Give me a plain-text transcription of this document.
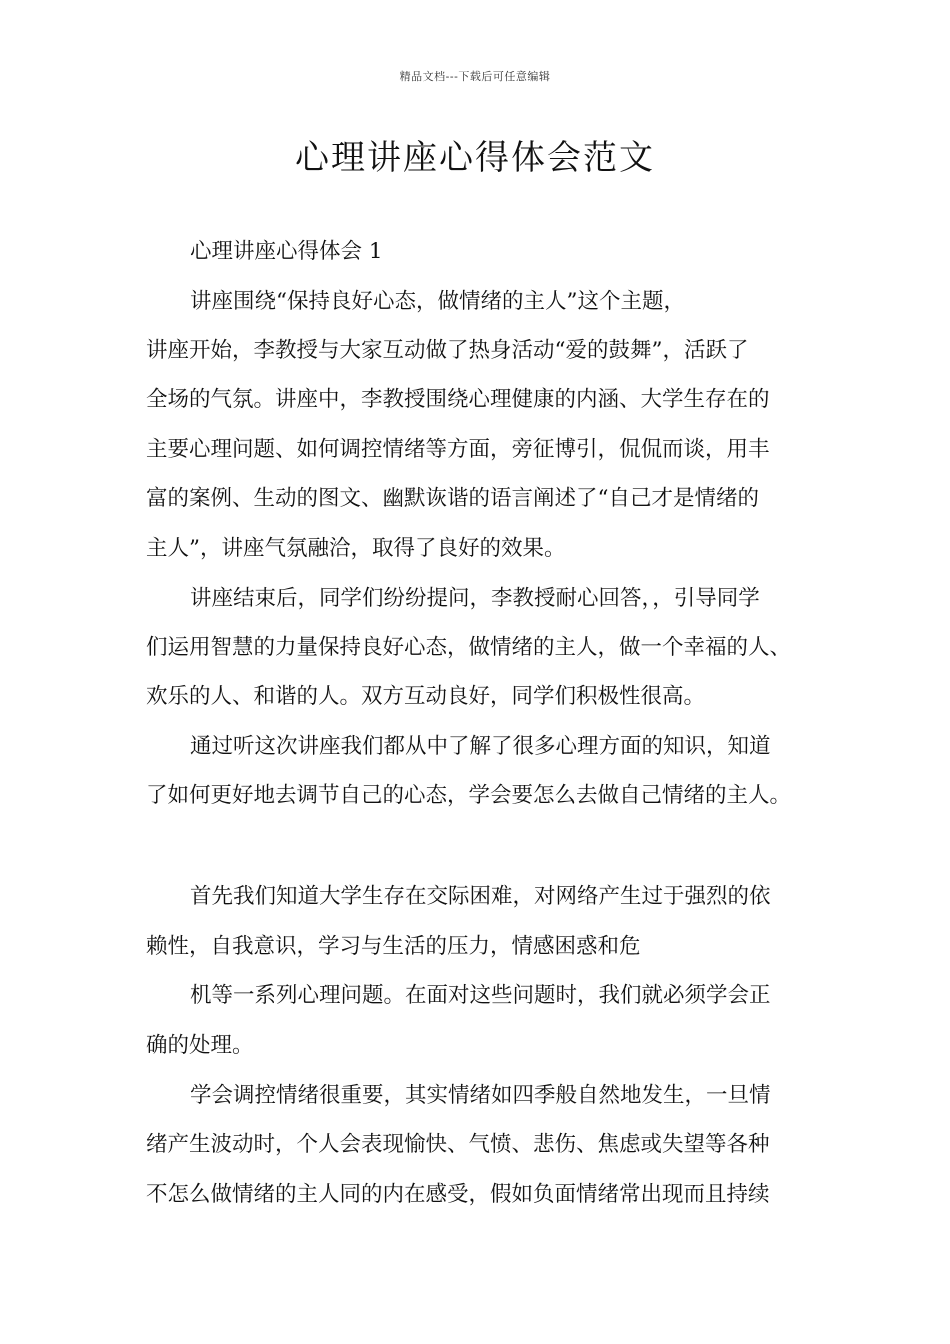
精品文档---下载后可任意编辑
心理讲座心得体会范文
心理讲座心得体会 1
讲座围绕“保持良好心态，做情绪的主人”这个主题，
讲座开始，李教授与大家互动做了热身活动“爱的鼓舞”，活跃了
全场的气氛。讲座中，李教授围绕心理健康的内涵、大学生存在的
主要心理问题、如何调控情绪等方面，旁征博引，侃侃而谈，用丰
富的案例、生动的图文、幽默诙谐的语言阐述了“自己才是情绪的
主人”，讲座气氛融洽，取得了良好的效果。
讲座结束后，同学们纷纷提问，李教授耐心回答，，引导同学
们运用智慧的力量保持良好心态，做情绪的主人，做一个幸福的人、
欢乐的人、和谐的人。双方互动良好，同学们积极性很高。
通过听这次讲座我们都从中了解了很多心理方面的知识，知道
了如何更好地去调节自己的心态，学会要怎么去做自己情绪的主人。
首先我们知道大学生存在交际困难，对网络产生过于强烈的依
赖性，自我意识，学习与生活的压力，情感困惑和危
机等一系列心理问题。在面对这些问题时，我们就必须学会正
确的处理。
学会调控情绪很重要，其实情绪如四季般自然地发生，一旦情
绪产生波动时，个人会表现愉快、气愤、悲伤、焦虑或失望等各种
不怎么做情绪的主人同的内在感受，假如负面情绪常出现而且持续
